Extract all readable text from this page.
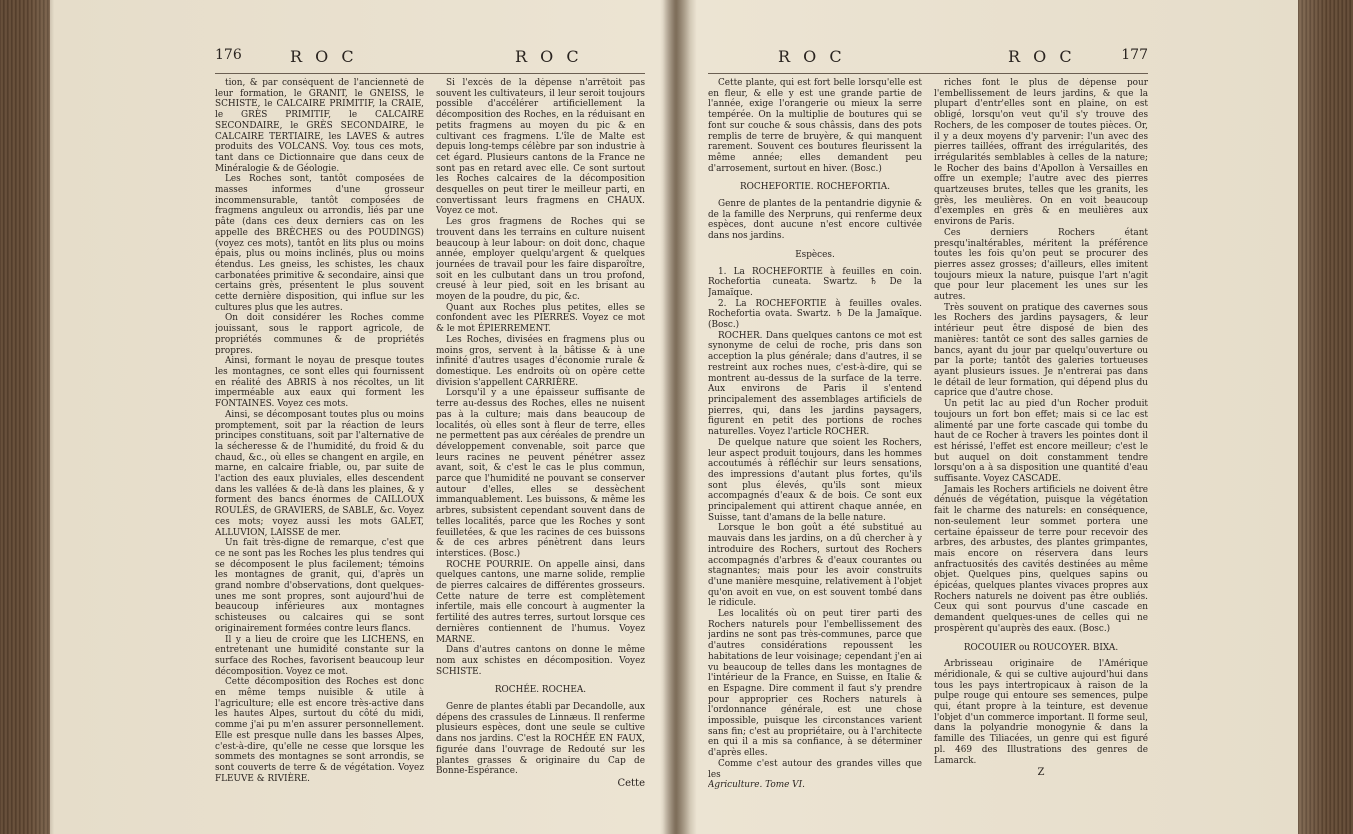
176	R O C	R O C

tion, & par conséquent de l'ancienneté de leur formation, le GRANIT, le GNEISS, le SCHISTE, le CALCAIRE PRIMITIF, la CRAIE, le GRÈS PRIMITIF, le CALCAIRE SECONDAIRE, le GRÈS SECONDAIRE, le CALCAIRE TERTIAIRE, les LAVES & autres produits des VOLCANS. Voy. tous ces mots, tant dans ce Dictionnaire que dans ceux de Minéralogie & de Géologie.

Les Roches sont, tantôt composées de masses informes d'une grosseur incommensurable, tantôt composées de fragmens anguleux ou arrondis, liés par une pâte (dans ces deux derniers cas on les appelle des BRÈCHES ou des POUDINGS) (voyez ces mots), tantôt en lits plus ou moins épais, plus ou moins inclinés, plus ou moins étendus. Les gneiss, les schistes, les chaux carbonatées primitive & secondaire, ainsi que certains grès, présentent le plus souvent cette dernière disposition, qui influe sur les cultures plus que les autres.

On doit considérer les Roches comme jouissant, sous le rapport agricole, de propriétés communes & de propriétés propres.

Ainsi, formant le noyau de presque toutes les montagnes, ce sont elles qui fournissent en réalité des ABRIS à nos récoltes, un lit imperméable aux eaux qui forment les FONTAINES. Voyez ces mots.

Ainsi, se décomposant toutes plus ou moins promptement, soit par la réaction de leurs principes constituans, soit par l'alternative de la sécheresse & de l'humidité, du froid & du chaud, &c., où elles se changent en argile, en marne, en calcaire friable, ou, par suite de l'action des eaux pluviales, elles descendent dans les vallées & de-là dans les plaines, & y forment des bancs énormes de CAILLOUX ROULÉS, de GRAVIERS, de SABLE, &c. Voyez ces mots; voyez aussi les mots GALET, ALLUVION, LAISSE de mer.

Un fait très-digne de remarque, c'est que ce ne sont pas les Roches les plus tendres qui se décomposent le plus facilement; témoins les montagnes de granit, qui, d'après un grand nombre d'observations, dont quelques-unes me sont propres, sont aujourd'hui de beaucoup inférieures aux montagnes schisteuses ou calcaires qui se sont originairement formées contre leurs flancs.

Il y a lieu de croire que les LICHENS, en entretenant une humidité constante sur la surface des Roches, favorisent beaucoup leur décomposition. Voyez ce mot.

Cette décomposition des Roches est donc en même temps nuisible & utile à l'agriculture; elle est encore très-active dans les hautes Alpes, surtout du côté du midi, comme j'ai pu m'en assurer personnellement. Elle est presque nulle dans les basses Alpes, c'est-à-dire, qu'elle ne cesse que lorsque les sommets des montagnes se sont arrondis, se sont couverts de terre & de végétation. Voyez FLEUVE & RIVIÈRE.

Si l'excès de la dépense n'arrêtoit pas souvent les cultivateurs, il leur seroit toujours possible d'accélérer artificiellement la décomposition des Roches, en la réduisant en petits fragmens au moyen du pic & en cultivant ces fragmens. L'île de Malte est depuis long-temps célèbre par son industrie à cet égard. Plusieurs cantons de la France ne sont pas en retard avec elle. Ce sont surtout les Roches calcaires de la décomposition desquelles on peut tirer le meilleur parti, en convertissant leurs fragmens en CHAUX. Voyez ce mot.

Les gros fragmens de Roches qui se trouvent dans les terrains en culture nuisent beaucoup à leur labour: on doit donc, chaque année, employer quelqu'argent & quelques journées de travail pour les faire disparoître, soit en les culbutant dans un trou profond, creusé à leur pied, soit en les brisant au moyen de la poudre, du pic, &c.

Quant aux Roches plus petites, elles se confondent avec les PIERRES. Voyez ce mot & le mot ÉPIERREMENT.

Les Roches, divisées en fragmens plus ou moins gros, servent à la bâtisse & à une infinité d'autres usages d'économie rurale & domestique. Les endroits où on opère cette division s'appellent CARRIÈRE.

Lorsqu'il y a une épaisseur suffisante de terre au-dessus des Roches, elles ne nuisent pas à la culture; mais dans beaucoup de localités, où elles sont à fleur de terre, elles ne permettent pas aux céréales de prendre un développement convenable, soit parce que leurs racines ne peuvent pénétrer assez avant, soit, & c'est le cas le plus commun, parce que l'humidité ne pouvant se conserver autour d'elles, elles se dessèchent immanquablement. Les buissons, & même les arbres, subsistent cependant souvent dans de telles localités, parce que les Roches y sont feuilletées, & que les racines de ces buissons & de ces arbres pénètrent dans leurs interstices. (Bosc.)

ROCHE POURRIE. On appelle ainsi, dans quelques cantons, une marne solide, remplie de pierres calcaires de différentes grosseurs. Cette nature de terre est complètement infertile, mais elle concourt à augmenter la fertilité des autres terres, surtout lorsque ces dernières contiennent de l'humus. Voyez MARNE.

Dans d'autres cantons on donne le même nom aux schistes en décomposition. Voyez SCHISTE.

ROCHÉE. ROCHEA.

Genre de plantes établi par Decandolle, aux dépens des crassules de Linnæus. Il renferme plusieurs espèces, dont une seule se cultive dans nos jardins. C'est la ROCHÉE EN FAUX, figurée dans l'ouvrage de Redouté sur les plantes grasses & originaire du Cap de Bonne-Espérance.

Cette
R O C	R O C	177

Cette plante, qui est fort belle lorsqu'elle est en fleur, & elle y est une grande partie de l'année, exige l'orangerie ou mieux la serre tempérée. On la multiplie de boutures qui se font sur couche & sous châssis, dans des pots remplis de terre de bruyère, & qui manquent rarement. Souvent ces boutures fleurissent la même année; elles demandent peu d'arrosement, surtout en hiver. (Bosc.)

ROCHEFORTIE. ROCHEFORTIA.

Genre de plantes de la pentandrie digynie & de la famille des Nerpruns, qui renferme deux espèces, dont aucune n'est encore cultivée dans nos jardins.

Espèces.

1. La ROCHEFORTIE à feuilles en coin. Rochefortia cuneata. Swartz. ♄ De la Jamaïque.

2. La ROCHEFORTIE à feuilles ovales. Rochefortia ovata. Swartz. ♄ De la Jamaïque. (Bosc.)

ROCHER. Dans quelques cantons ce mot est synonyme de celui de roche, pris dans son acception la plus générale; dans d'autres, il se restreint aux roches nues, c'est-à-dire, qui se montrent au-dessus de la surface de la terre. Aux environs de Paris il s'entend principalement des assemblages artificiels de pierres, qui, dans les jardins paysagers, figurent en petit des portions de roches naturelles. Voyez l'article ROCHER.

De quelque nature que soient les Rochers, leur aspect produit toujours, dans les hommes accoutumés à réfléchir sur leurs sensations, des impressions d'autant plus fortes, qu'ils sont plus élevés, qu'ils sont mieux accompagnés d'eaux & de bois. Ce sont eux principalement qui attirent chaque année, en Suisse, tant d'amans de la belle nature.

Lorsque le bon goût a été substitué au mauvais dans les jardins, on a dû chercher à y introduire des Rochers, surtout des Rochers accompagnés d'arbres & d'eaux courantes ou stagnantes; mais pour les avoir construits d'une manière mesquine, relativement à l'objet qu'on avoit en vue, on est souvent tombé dans le ridicule.

Les localités où on peut tirer parti des Rochers naturels pour l'embellissement des jardins ne sont pas très-communes, parce que d'autres considérations repoussent les habitations de leur voisinage; cependant j'en ai vu beaucoup de telles dans les montagnes de l'intérieur de la France, en Suisse, en Italie & en Espagne. Dire comment il faut s'y prendre pour approprier ces Rochers naturels à l'ordonnance générale, est une chose impossible, puisque les circonstances varient sans fin; c'est au propriétaire, ou à l'architecte en qui il a mis sa confiance, à se déterminer d'après elles.

Comme c'est autour des grandes villes que les

Agriculture. Tome VI.

riches font le plus de dépense pour l'embellissement de leurs jardins, & que la plupart d'entr'elles sont en plaine, on est obligé, lorsqu'on veut qu'il s'y trouve des Rochers, de les composer de toutes pièces. Or, il y a deux moyens d'y parvenir: l'un avec des pierres taillées, offrant des irrégularités, des irrégularités semblables à celles de la nature; le Rocher des bains d'Apollon à Versailles en offre un exemple; l'autre avec des pierres quartzeuses brutes, telles que les granits, les grès, les meulières. On en voit beaucoup d'exemples en grès & en meulières aux environs de Paris.

Ces derniers Rochers étant presqu'inaltérables, méritent la préférence toutes les fois qu'on peut se procurer des pierres assez grosses; d'ailleurs, elles imitent toujours mieux la nature, puisque l'art n'agit que pour leur placement les unes sur les autres.

Très souvent on pratique des cavernes sous les Rochers des jardins paysagers, & leur intérieur peut être disposé de bien des manières: tantôt ce sont des salles garnies de bancs, ayant du jour par quelqu'ouverture ou par la porte; tantôt des galeries tortueuses ayant plusieurs issues. Je n'entrerai pas dans le détail de leur formation, qui dépend plus du caprice que d'autre chose.

Un petit lac au pied d'un Rocher produit toujours un fort bon effet; mais si ce lac est alimenté par une forte cascade qui tombe du haut de ce Rocher à travers les pointes dont il est hérissé, l'effet est encore meilleur; c'est le but auquel on doit constamment tendre lorsqu'on a à sa disposition une quantité d'eau suffisante. Voyez CASCADE.

Jamais les Rochers artificiels ne doivent être dénués de végétation, puisque la végétation fait le charme des naturels: en conséquence, non-seulement leur sommet portera une certaine épaisseur de terre pour recevoir des arbres, des arbustes, des plantes grimpantes, mais encore on réservera dans leurs anfractuosités des cavités destinées au même objet. Quelques pins, quelques sapins ou épicéas, quelques plantes vivaces propres aux Rochers naturels ne doivent pas être oubliés. Ceux qui sont pourvus d'une cascade en demandent quelques-unes de celles qui ne prospèrent qu'auprès des eaux. (Bosc.)

ROCOUIER ou ROUCOYER. BIXA.

Arbrisseau originaire de l'Amérique méridionale, & qui se cultive aujourd'hui dans tous les pays intertropicaux à raison de la pulpe rouge qui entoure ses semences, pulpe qui, étant propre à la teinture, est devenue l'objet d'un commerce important. Il forme seul, dans la polyandrie monogynie & dans la famille des Tiliacées, un genre qui est figuré pl. 469 des Illustrations des genres de Lamarck.

Z
